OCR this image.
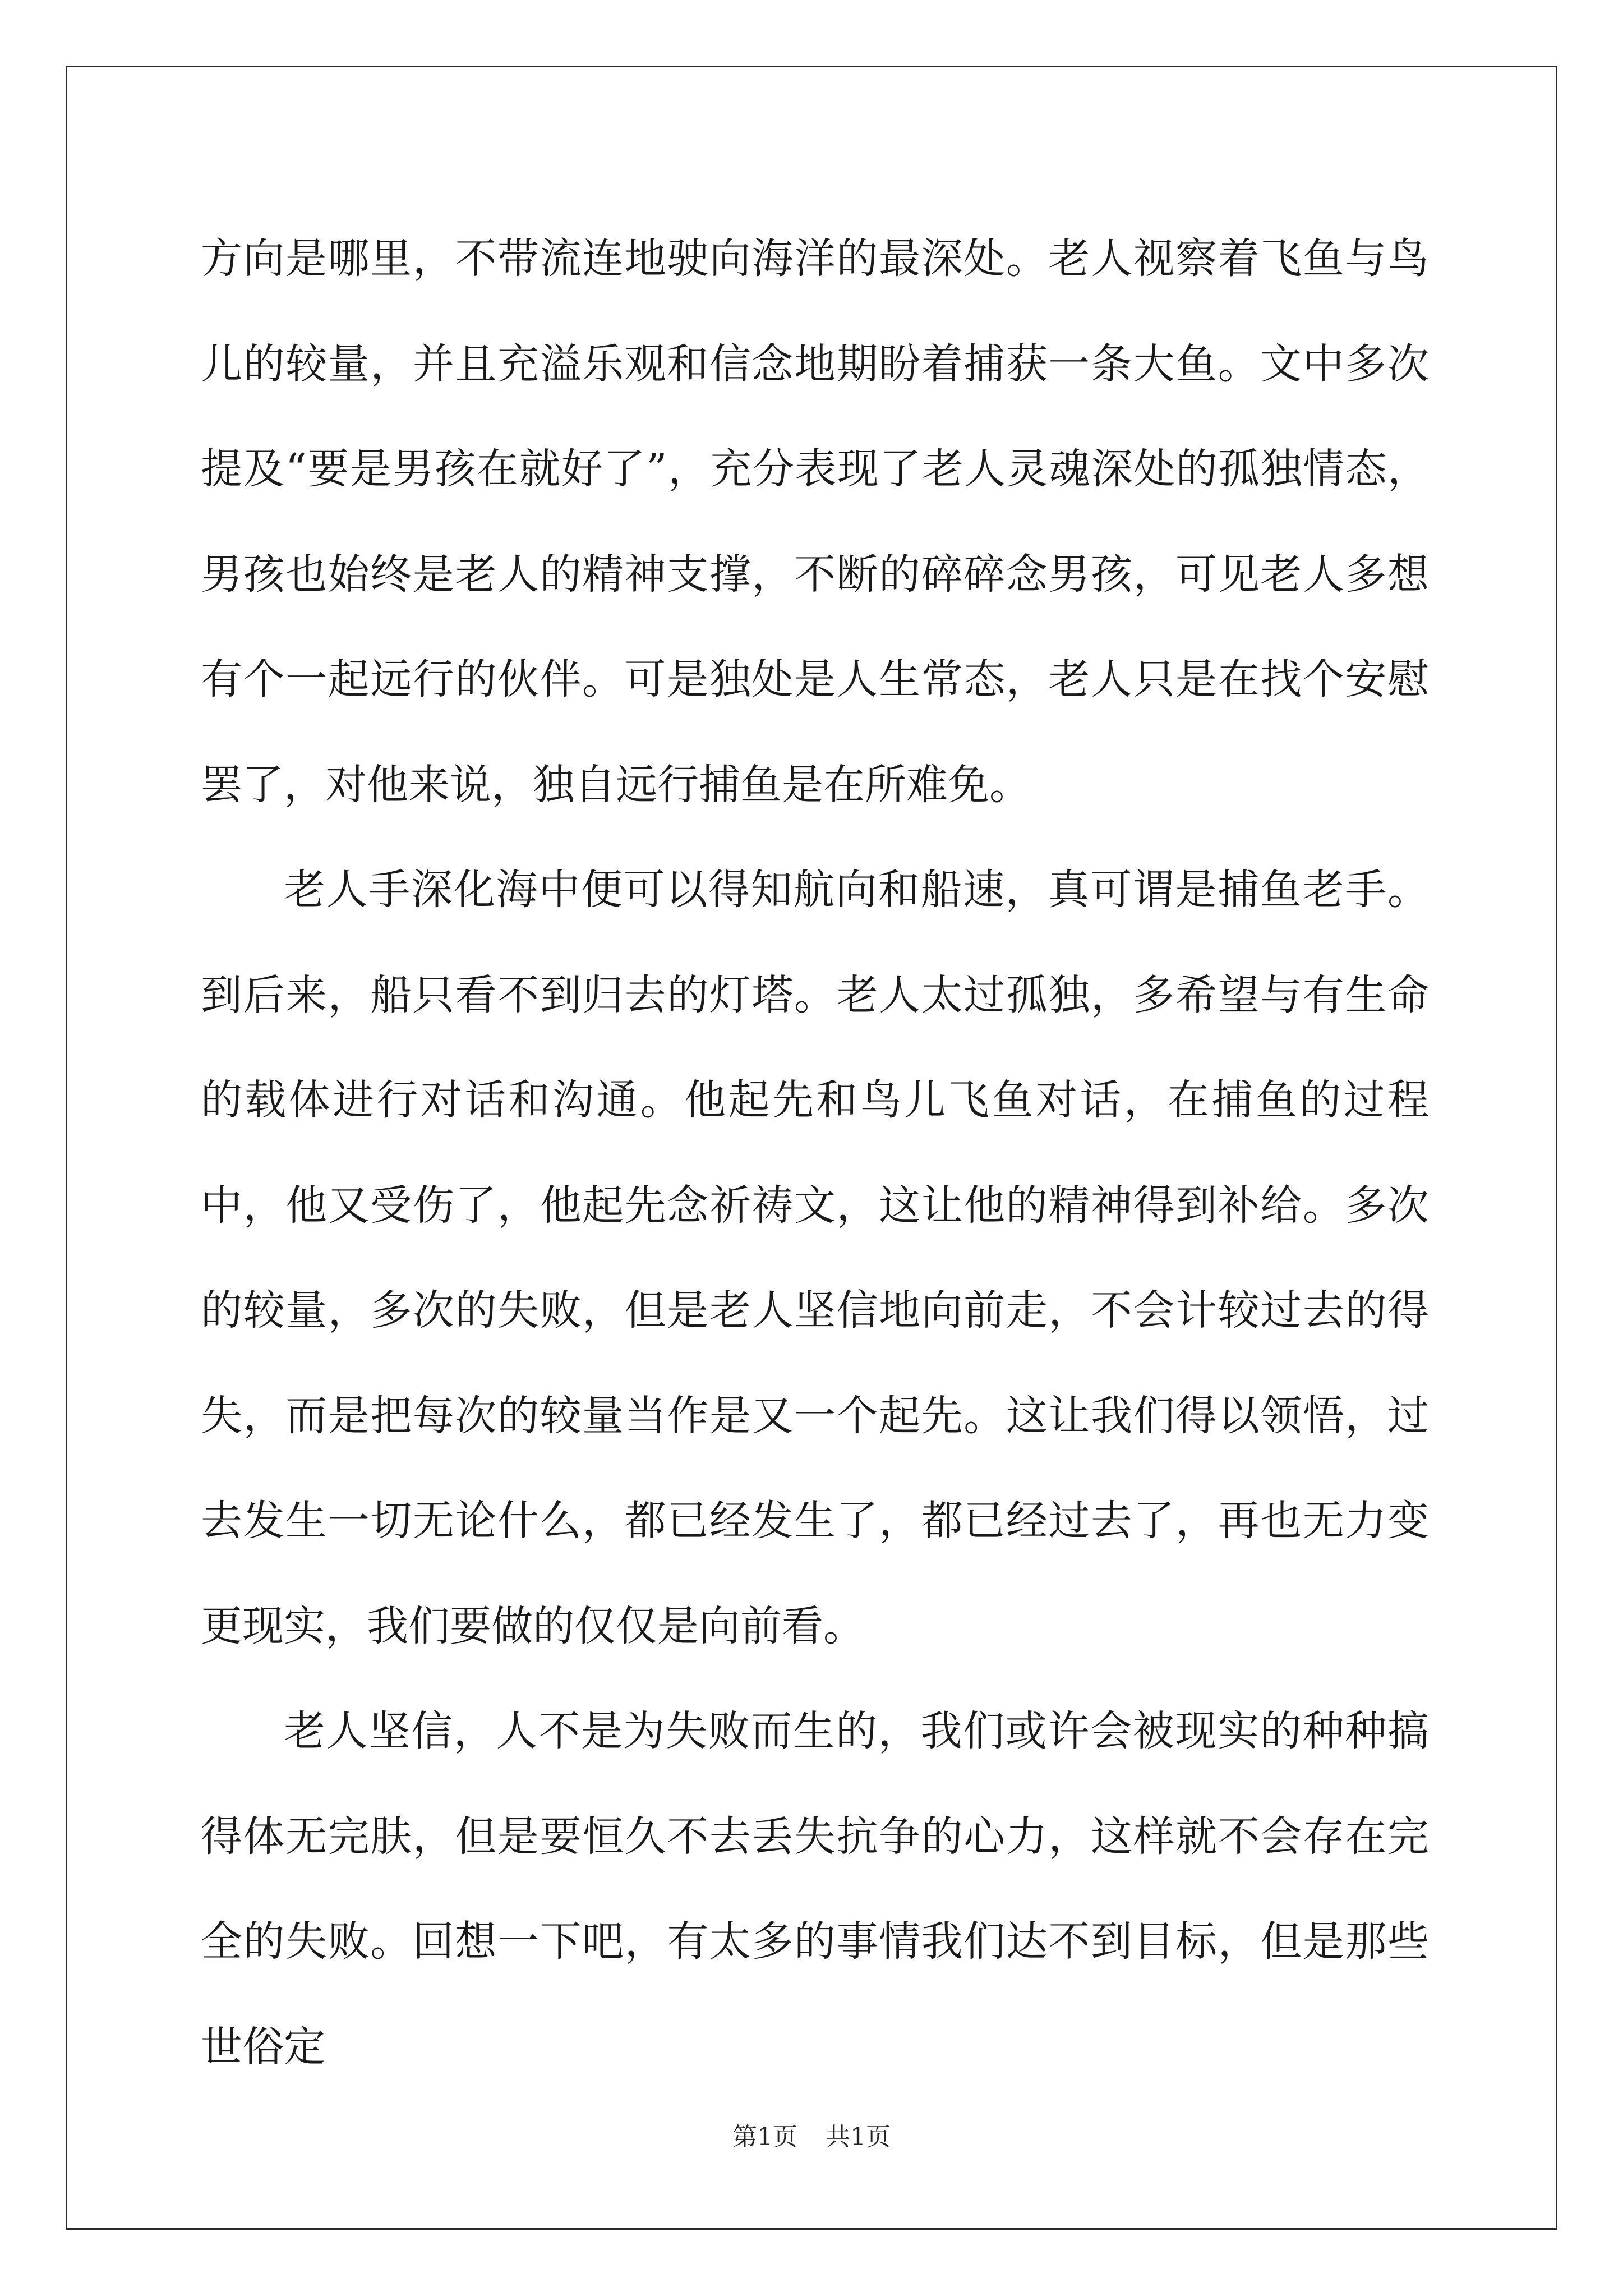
方向是哪里，不带流连地驶向海洋的最深处。老人视察着飞鱼与鸟儿的较量，并且充溢乐观和信念地期盼着捕获一条大鱼。文中多次提及“要是男孩在就好了”，充分表现了老人灵魂深处的孤独情态，男孩也始终是老人的精神支撑，不断的碎碎念男孩，可见老人多想有个一起远行的伙伴。可是独处是人生常态，老人只是在找个安慰罢了，对他来说，独自远行捕鱼是在所难免。

老人手深化海中便可以得知航向和船速，真可谓是捕鱼老手。到后来，船只看不到归去的灯塔。老人太过孤独，多希望与有生命的载体进行对话和沟通。他起先和鸟儿飞鱼对话，在捕鱼的过程中，他又受伤了，他起先念祈祷文，这让他的精神得到补给。多次的较量，多次的失败，但是老人坚信地向前走，不会计较过去的得失，而是把每次的较量当作是又一个起先。这让我们得以领悟，过去发生一切无论什么，都已经发生了，都已经过去了，再也无力变更现实，我们要做的仅仅是向前看。

老人坚信，人不是为失败而生的，我们或许会被现实的种种搞得体无完肤，但是要恒久不去丢失抗争的心力，这样就不会存在完全的失败。回想一下吧，有太多的事情我们达不到目标，但是那些世俗定

第1页 共1页
